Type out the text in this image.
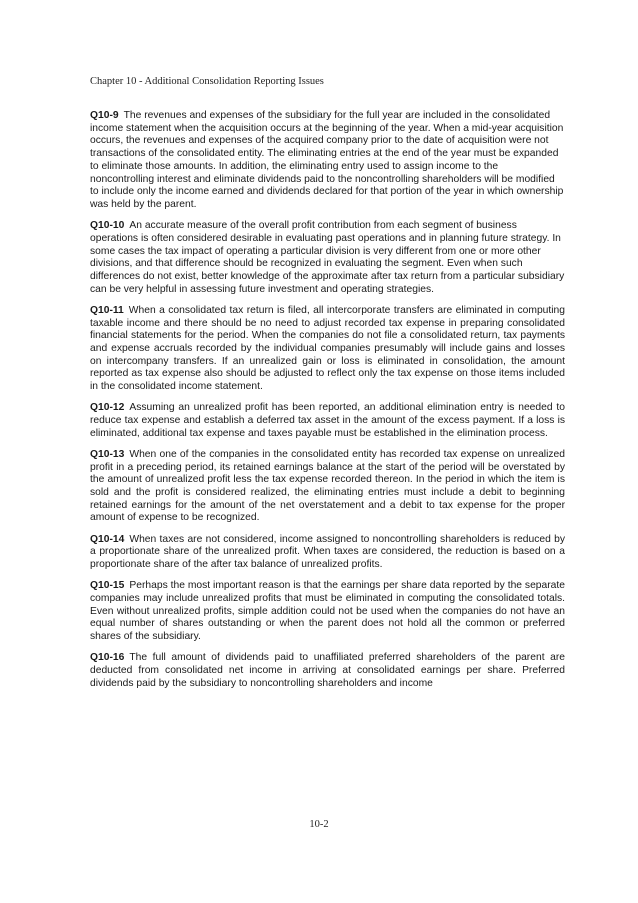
Chapter 10 - Additional Consolidation Reporting Issues

Q10-9 The revenues and expenses of the subsidiary for the full year are included in the consolidated income statement when the acquisition occurs at the beginning of the year. When a mid-year acquisition occurs, the revenues and expenses of the acquired company prior to the date of acquisition were not transactions of the consolidated entity. The eliminating entries at the end of the year must be expanded to eliminate those amounts. In addition, the eliminating entry used to assign income to the noncontrolling interest and eliminate dividends paid to the noncontrolling shareholders will be modified to include only the income earned and dividends declared for that portion of the year in which ownership was held by the parent.

Q10-10 An accurate measure of the overall profit contribution from each segment of business operations is often considered desirable in evaluating past operations and in planning future strategy. In some cases the tax impact of operating a particular division is very different from one or more other divisions, and that difference should be recognized in evaluating the segment. Even when such differences do not exist, better knowledge of the approximate after tax return from a particular subsidiary can be very helpful in assessing future investment and operating strategies.

Q10-11 When a consolidated tax return is filed, all intercorporate transfers are eliminated in computing taxable income and there should be no need to adjust recorded tax expense in preparing consolidated financial statements for the period. When the companies do not file a consolidated return, tax payments and expense accruals recorded by the individual companies presumably will include gains and losses on intercompany transfers. If an unrealized gain or loss is eliminated in consolidation, the amount reported as tax expense also should be adjusted to reflect only the tax expense on those items included in the consolidated income statement.

Q10-12 Assuming an unrealized profit has been reported, an additional elimination entry is needed to reduce tax expense and establish a deferred tax asset in the amount of the excess payment. If a loss is eliminated, additional tax expense and taxes payable must be established in the elimination process.

Q10-13 When one of the companies in the consolidated entity has recorded tax expense on unrealized profit in a preceding period, its retained earnings balance at the start of the period will be overstated by the amount of unrealized profit less the tax expense recorded thereon. In the period in which the item is sold and the profit is considered realized, the eliminating entries must include a debit to beginning retained earnings for the amount of the net overstatement and a debit to tax expense for the proper amount of expense to be recognized.

Q10-14 When taxes are not considered, income assigned to noncontrolling shareholders is reduced by a proportionate share of the unrealized profit. When taxes are considered, the reduction is based on a proportionate share of the after tax balance of unrealized profits.

Q10-15 Perhaps the most important reason is that the earnings per share data reported by the separate companies may include unrealized profits that must be eliminated in computing the consolidated totals. Even without unrealized profits, simple addition could not be used when the companies do not have an equal number of shares outstanding or when the parent does not hold all the common or preferred shares of the subsidiary.

Q10-16 The full amount of dividends paid to unaffiliated preferred shareholders of the parent are deducted from consolidated net income in arriving at consolidated earnings per share. Preferred dividends paid by the subsidiary to noncontrolling shareholders and income

10-2
